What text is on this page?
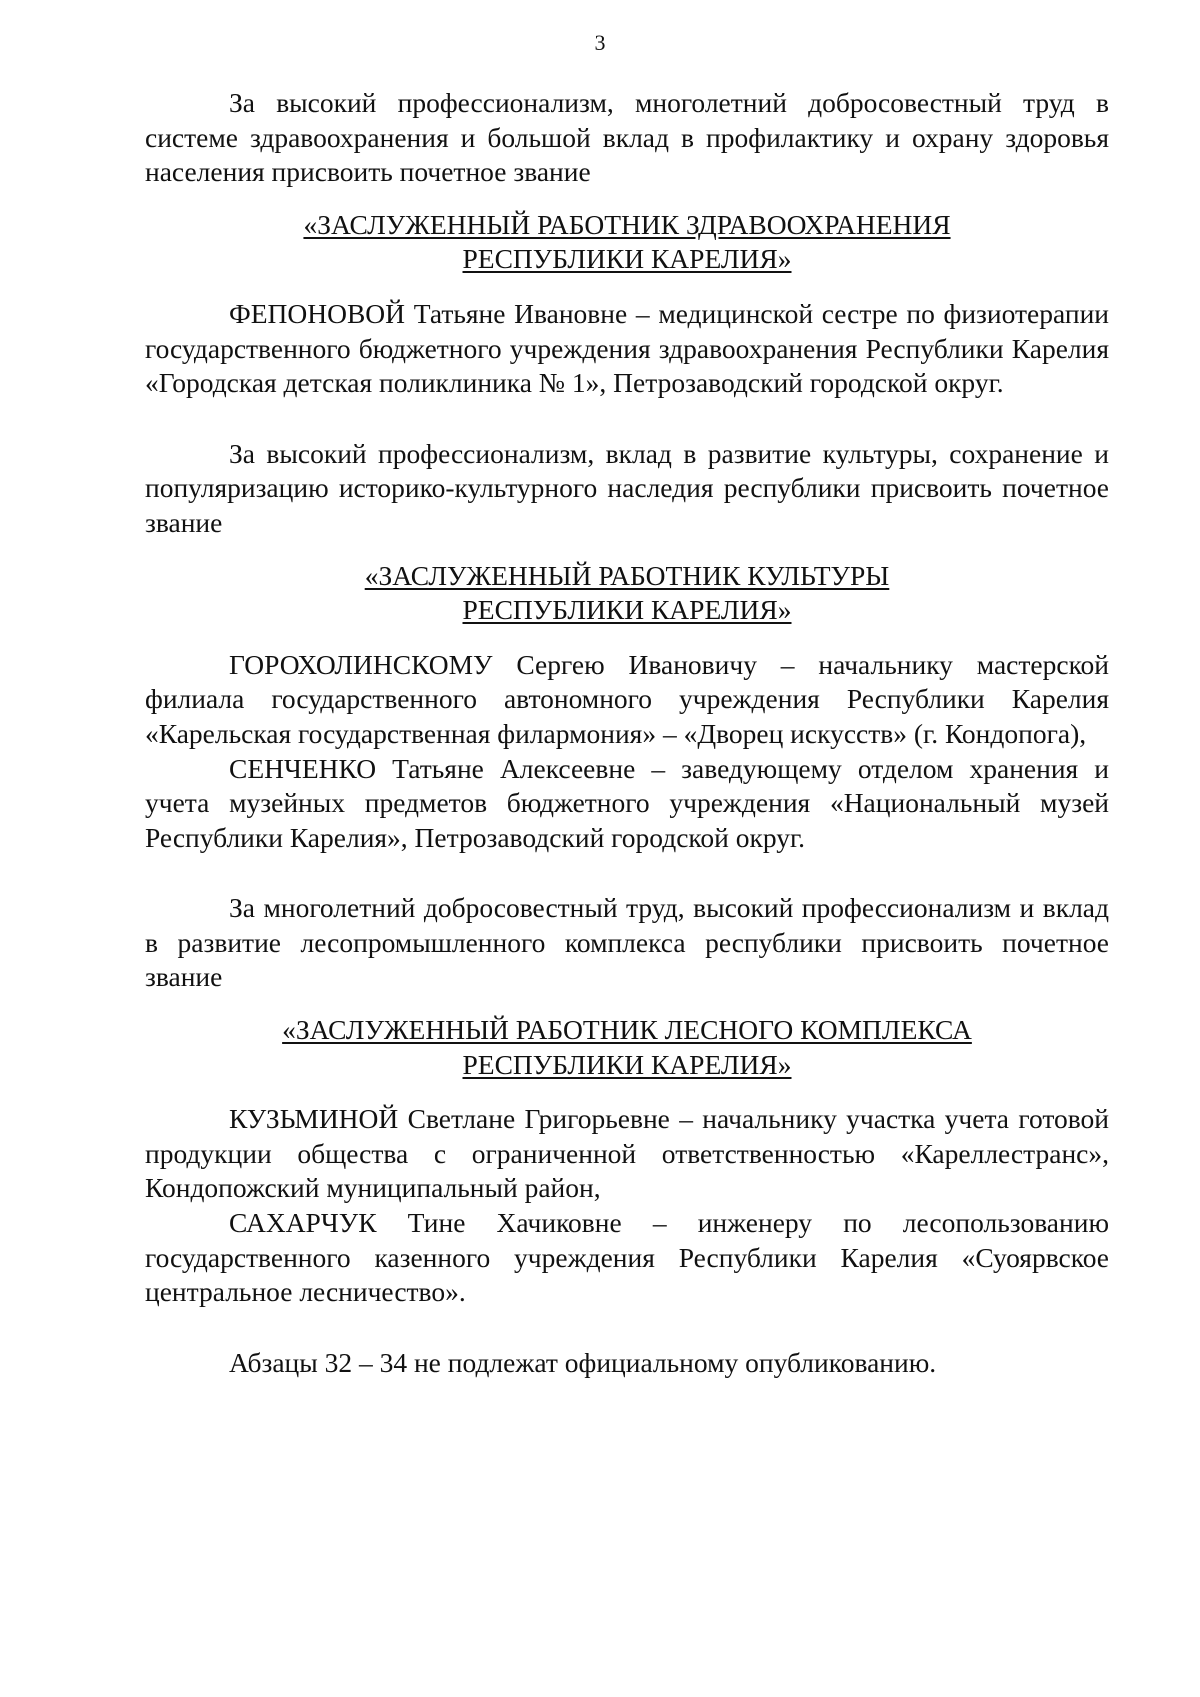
3

За высокий профессионализм, многолетний добросовестный труд в системе здравоохранения и большой вклад в профилактику и охрану здоровья населения присвоить почетное звание

«ЗАСЛУЖЕННЫЙ РАБОТНИК ЗДРАВООХРАНЕНИЯ
РЕСПУБЛИКИ КАРЕЛИЯ»

ФЕПОНОВОЙ Татьяне Ивановне – медицинской сестре по физиотерапии государственного бюджетного учреждения здравоохранения Республики Карелия «Городская детская поликлиника № 1», Петрозаводский городской округ.

За высокий профессионализм, вклад в развитие культуры, сохранение и популяризацию историко-культурного наследия республики присвоить почетное звание

«ЗАСЛУЖЕННЫЙ РАБОТНИК КУЛЬТУРЫ
РЕСПУБЛИКИ КАРЕЛИЯ»

ГОРОХОЛИНСКОМУ Сергею Ивановичу – начальнику мастерской филиала государственного автономного учреждения Республики Карелия «Карельская государственная филармония» – «Дворец искусств» (г. Кондопога),

СЕНЧЕНКО Татьяне Алексеевне – заведующему отделом хранения и учета музейных предметов бюджетного учреждения «Национальный музей Республики Карелия», Петрозаводский городской округ.

За многолетний добросовестный труд, высокий профессионализм и вклад в развитие лесопромышленного комплекса республики присвоить почетное звание

«ЗАСЛУЖЕННЫЙ РАБОТНИК ЛЕСНОГО КОМПЛЕКСА
РЕСПУБЛИКИ КАРЕЛИЯ»

КУЗЬМИНОЙ Светлане Григорьевне – начальнику участка учета готовой продукции общества с ограниченной ответственностью «Кареллестранс», Кондопожский муниципальный район,

САХАРЧУК Тине Хачиковне – инженеру по лесопользованию государственного казенного учреждения Республики Карелия «Суоярвское центральное лесничество».

Абзацы 32 – 34 не подлежат официальному опубликованию.
